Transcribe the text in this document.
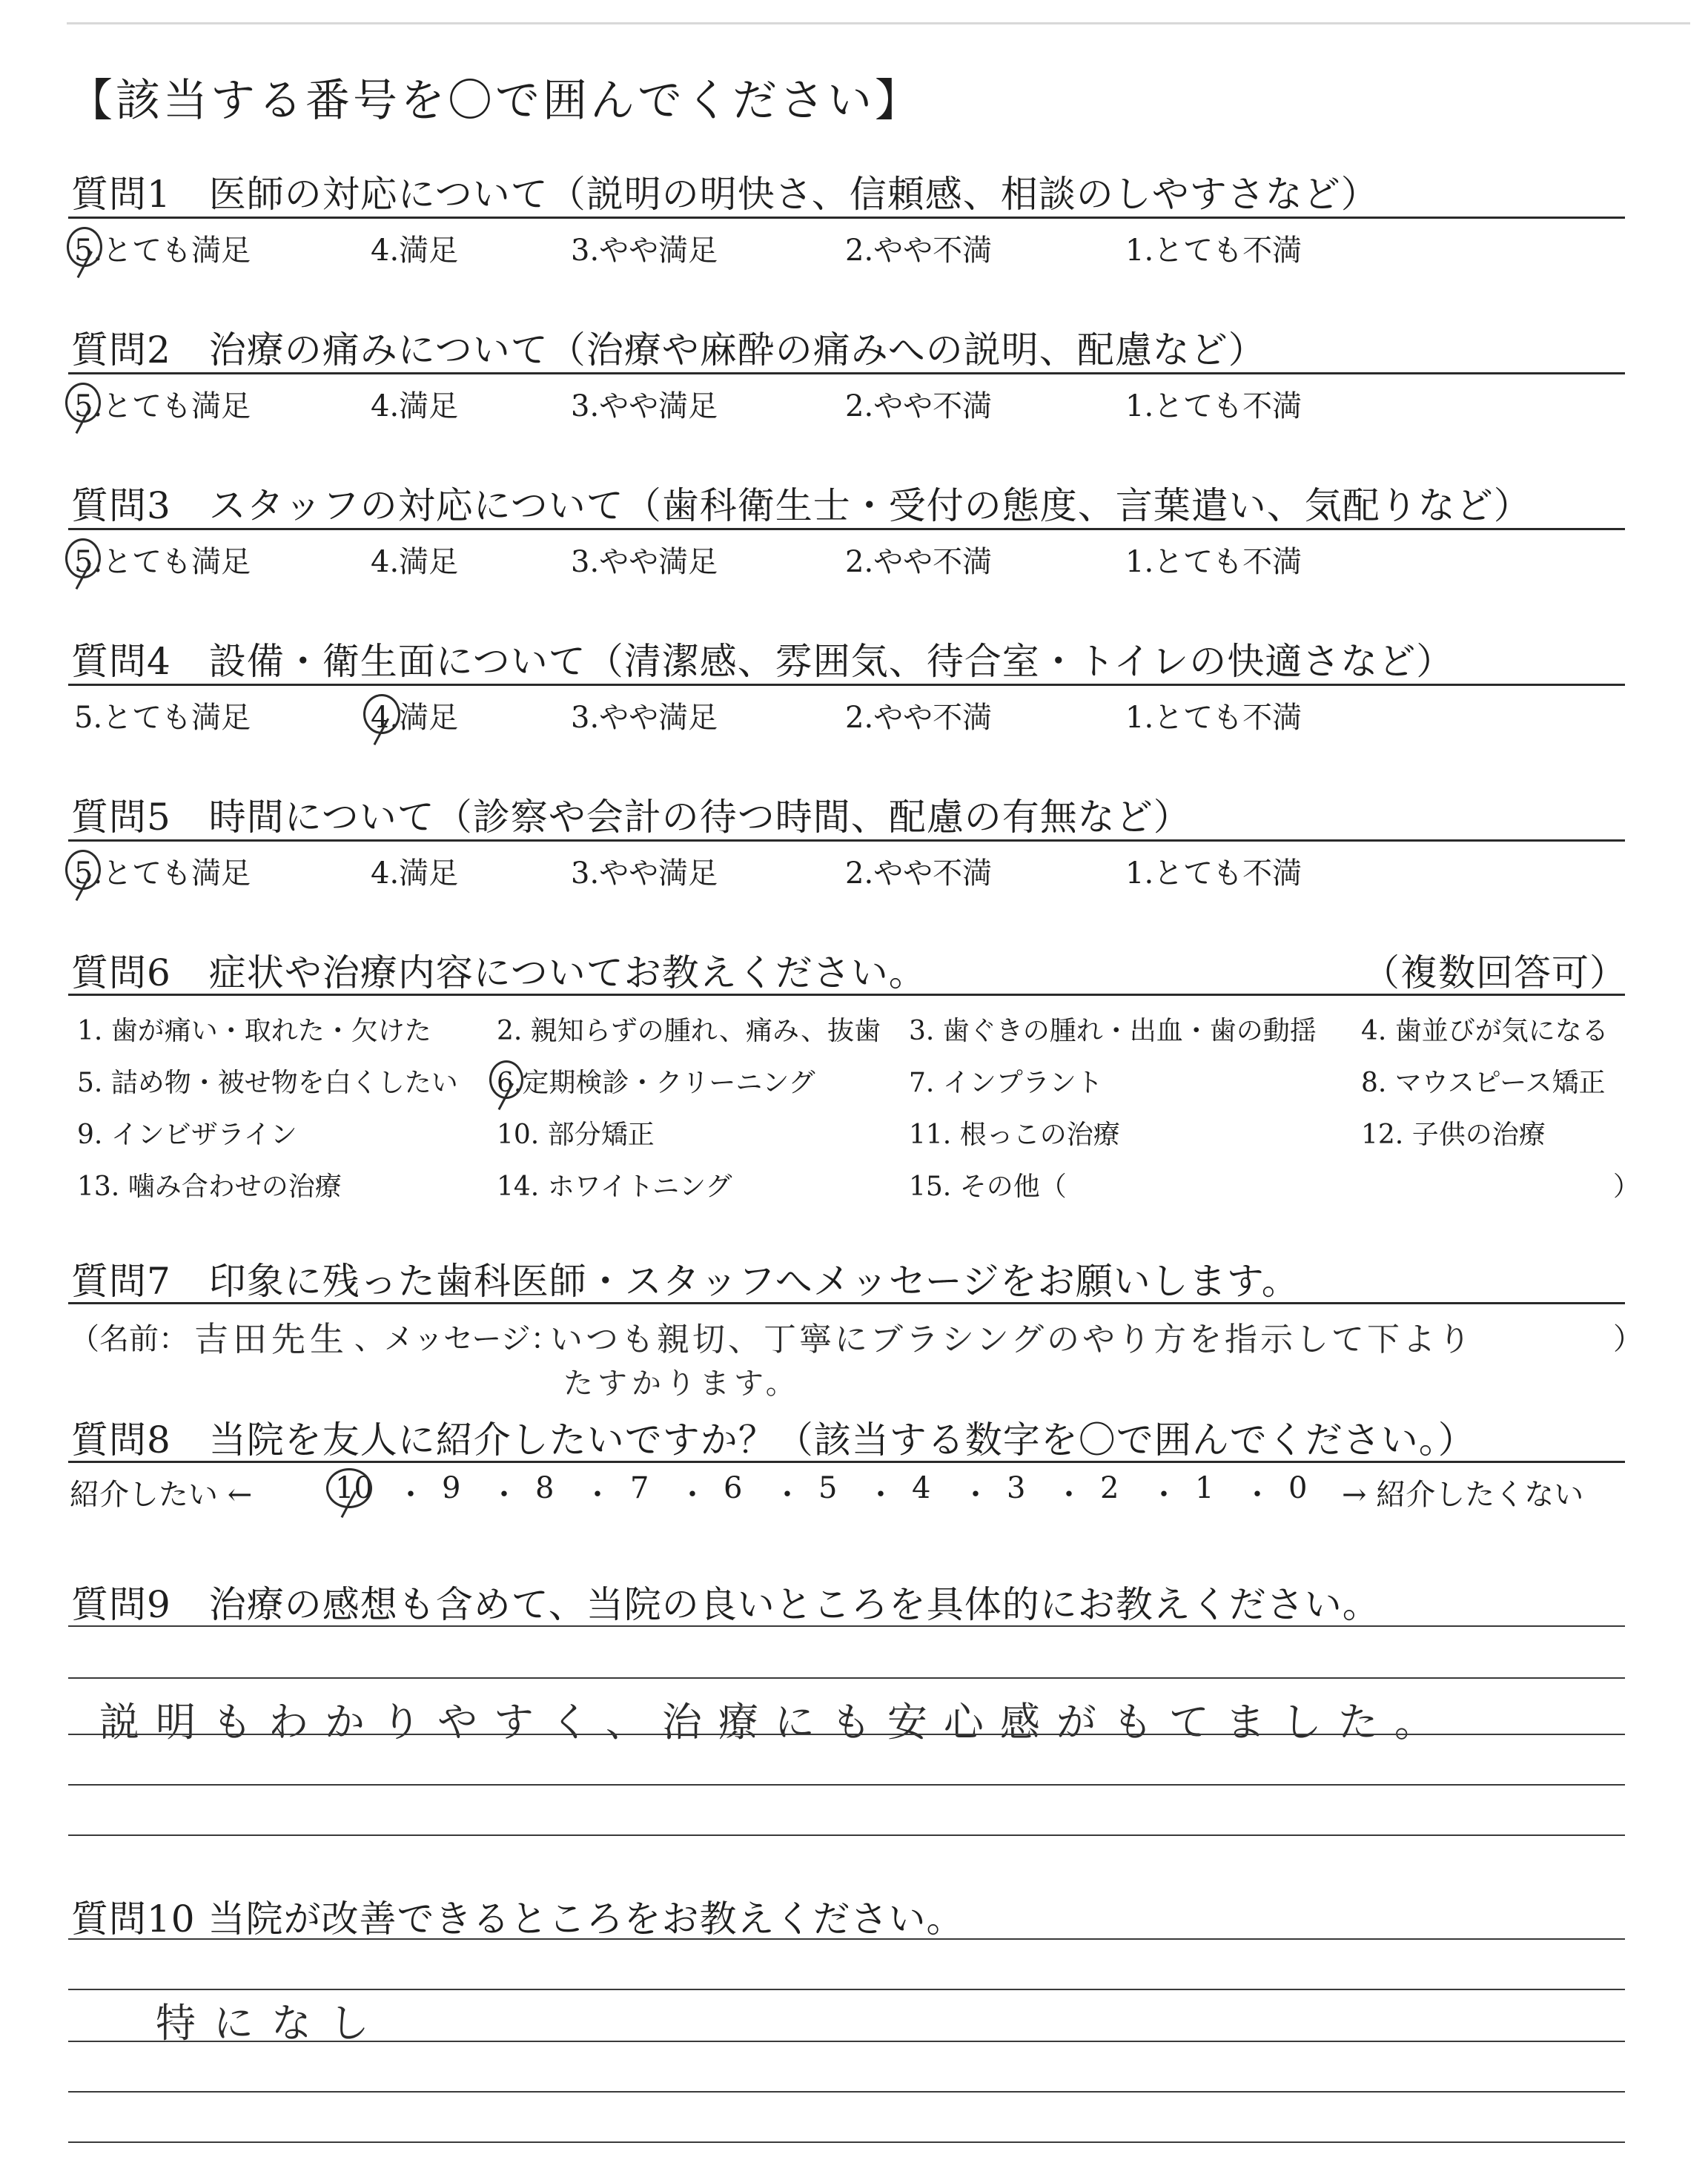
【該当する番号を〇で囲んでください】
質問1　医師の対応について（説明の明快さ、信頼感、相談のしやすさなど）
5.とても満足	4.満足	3.やや満足	2.やや不満	1.とても不満
質問2　治療の痛みについて（治療や麻酔の痛みへの説明、配慮など）
5.とても満足	4.満足	3.やや満足	2.やや不満	1.とても不満
質問3　スタッフの対応について（歯科衛生士・受付の態度、言葉遣い、気配りなど）
5.とても満足	4.満足	3.やや満足	2.やや不満	1.とても不満
質問4　設備・衛生面について（清潔感、雰囲気、待合室・トイレの快適さなど）
5.とても満足	4.満足	3.やや満足	2.やや不満	1.とても不満
質問5　時間について（診察や会計の待つ時間、配慮の有無など）
5.とても満足	4.満足	3.やや満足	2.やや不満	1.とても不満
質問6　症状や治療内容についてお教えください。	（複数回答可）
1. 歯が痛い・取れた・欠けた 2. 親知らずの腫れ、痛み、抜歯 3. 歯ぐきの腫れ・出血・歯の動揺 4. 歯並びが気になる
5. 詰め物・被せ物を白くしたい 6.定期検診・クリーニング	7. インプラント	8. マウスピース矯正
9. インビザライン	10. 部分矯正	11. 根っこの治療	12. 子供の治療
13. 噛み合わせの治療	14. ホワイトニング	15. その他（	）
質問7　印象に残った歯科医師・スタッフへメッセージをお願いします。
（名前： 吉田先生 、メッセージ：
いつも親切、丁寧にブラシングのやり方を指示して下より
たすかります。
）
質問8　当院を友人に紹介したいですか？（該当する数字を〇で囲んでください。）
紹介したい ←	10 ・ 9 ・ 8 ・ 7 ・ 6 ・ 5 ・ 4 ・ 3 ・ 2 ・ 1 ・ 0 → 紹介したくない
質問9　治療の感想も含めて、当院の良いところを具体的にお教えください。
説明もわかりやすく、治療にも安心感がもてました。
質問10 当院が改善できるところをお教えください。
特になし
